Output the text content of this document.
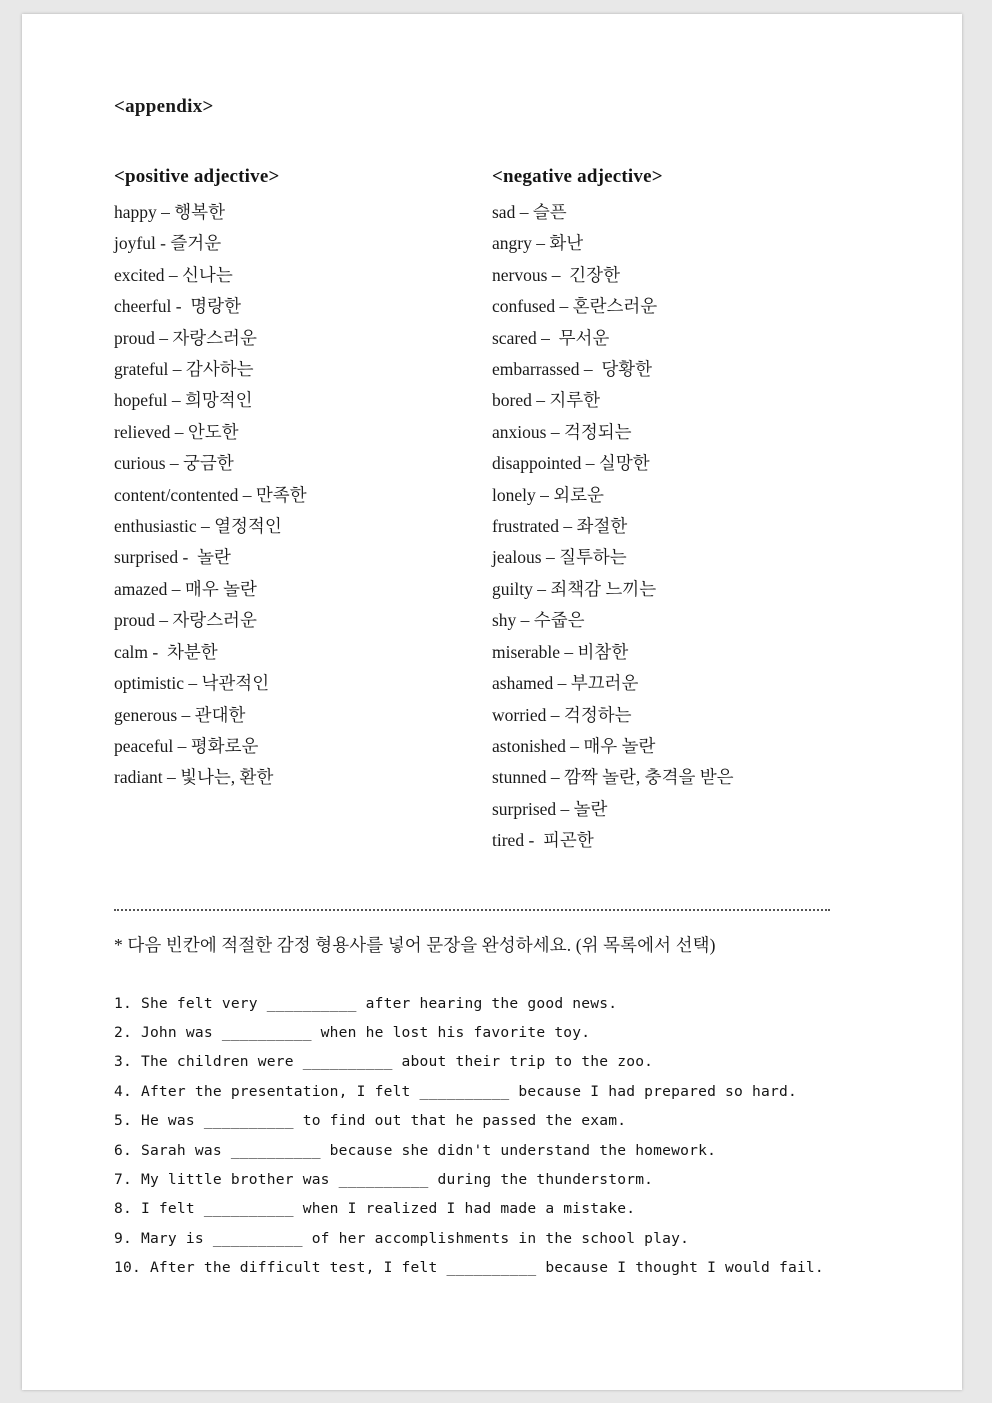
<appendix>
<positive adjective>
happy – 행복한
joyful - 즐거운
excited – 신나는
cheerful -  명랑한
proud – 자랑스러운
grateful – 감사하는
hopeful – 희망적인
relieved – 안도한
curious – 궁금한
content/contented – 만족한
enthusiastic – 열정적인
surprised -  놀란
amazed – 매우 놀란
proud – 자랑스러운
calm -  차분한
optimistic – 낙관적인
generous – 관대한
peaceful – 평화로운
radiant – 빛나는, 환한
<negative adjective>
sad – 슬픈
angry – 화난
nervous –  긴장한
confused – 혼란스러운
scared –  무서운
embarrassed –  당황한
bored – 지루한
anxious – 걱정되는
disappointed – 실망한
lonely – 외로운
frustrated – 좌절한
jealous – 질투하는
guilty – 죄책감 느끼는
shy – 수줍은
miserable – 비참한
ashamed – 부끄러운
worried – 걱정하는
astonished – 매우 놀란
stunned – 깜짝 놀란, 충격을 받은
surprised – 놀란
tired -  피곤한
* 다음 빈칸에 적절한 감정 형용사를 넣어 문장을 완성하세요. (위 목록에서 선택)
1. She felt very __________ after hearing the good news.
2. John was __________ when he lost his favorite toy.
3. The children were __________ about their trip to the zoo.
4. After the presentation, I felt __________ because I had prepared so hard.
5. He was __________ to find out that he passed the exam.
6. Sarah was __________ because she didn't understand the homework.
7. My little brother was __________ during the thunderstorm.
8. I felt __________ when I realized I had made a mistake.
9. Mary is __________ of her accomplishments in the school play.
10. After the difficult test, I felt __________ because I thought I would fail.
